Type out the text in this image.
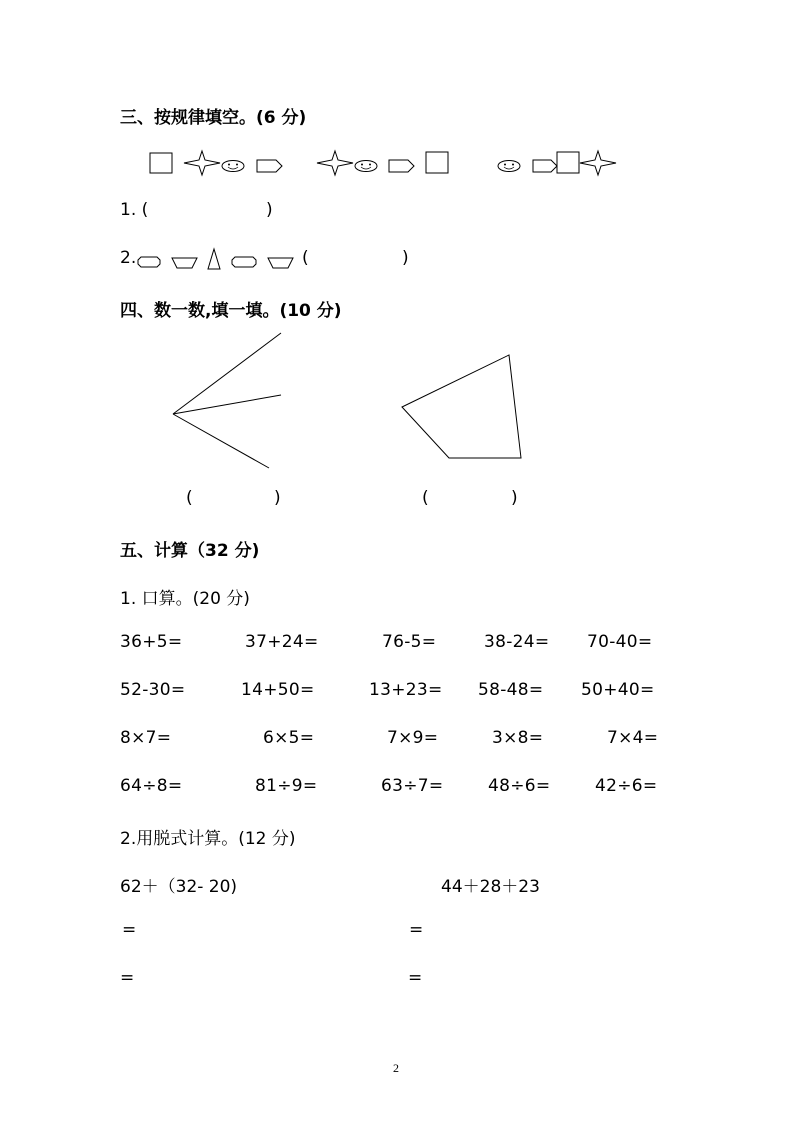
三、按规律填空。(6 分)
1. (	)
2.	(	)
四、数一数,填一填。(10 分)
(	)	(	)
五、计算（32 分)
1. 口算。(20 分)
36+5=	37+24=	76-5=	38-24= 70-40=
52-30=	14+50=	13+23= 58-48= 50+40=
8×7=	6×5=	7×9=	3×8=	7×4=
64÷8=	81÷9=	63÷7=	48÷6=	42÷6=
2.用脱式计算。(12 分)
62＋（32- 20)	44＋28＋23
=	=
=	=
2
